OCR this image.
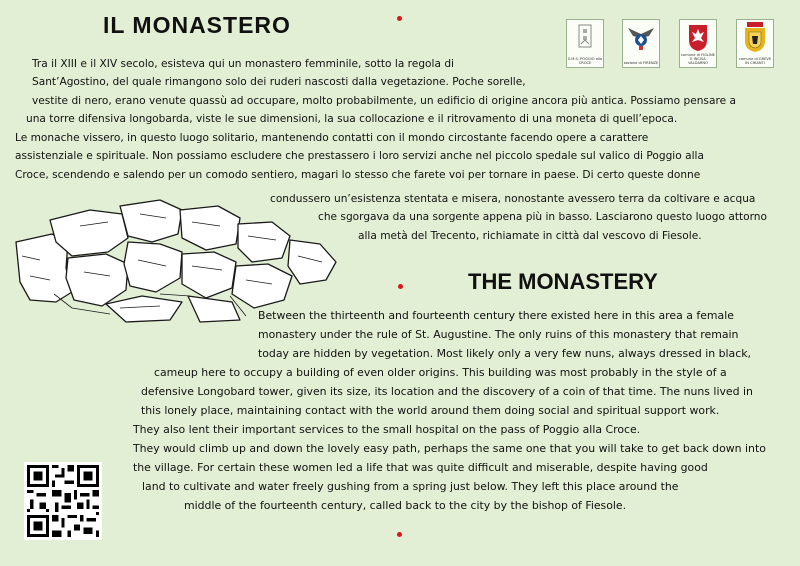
IL MONASTERO
S.M.S. POGGIO alla CROCE	sezione di FIRENZE
comune di FIGLINE E INCISA VALDARNO
comune di GREVE IN CHIANTI

Tra il XIII e il XIV secolo, esisteva qui un monastero femminile, sotto la regola di

Sant’Agostino, del quale rimangono solo dei ruderi nascosti dalla vegetazione. Poche sorelle,

vestite di nero, erano venute quassù ad occupare, molto probabilmente, un edificio di origine ancora più antica. Possiamo pensare a

una torre difensiva longobarda, viste le sue dimensioni, la sua collocazione e il ritrovamento di una moneta di quell’epoca.

Le monache vissero, in questo luogo solitario, mantenendo contatti con il mondo circostante facendo opere a carattere

assistenziale e spirituale. Non possiamo escludere che prestassero i loro servizi anche nel piccolo spedale sul valico di Poggio alla

Croce, scendendo e salendo per un comodo sentiero, magari lo stesso che farete voi per tornare in paese. Di certo queste donne

condussero un’esistenza stentata e misera, nonostante avessero terra da coltivare e acqua

che sgorgava da una sorgente appena più in basso. Lasciarono questo luogo attorno

alla metà del Trecento, richiamate in città dal vescovo di Fiesole.

THE MONASTERY

Between the thirteenth and fourteenth century there existed here in this area a female

monastery under the rule of St. Augustine. The only ruins of this monastery that remain

today are hidden by vegetation. Most likely only a very few nuns, always dressed in black,

cameup here to occupy a building of even older origins. This building was most probably in the style of a

defensive Longobard tower, given its size, its location and the discovery of a coin of that time. The nuns lived in

this lonely place, maintaining contact with the world around them doing social and spiritual support work.

They also lent their important services to the small hospital on the pass of Poggio alla Croce.

They would climb up and down the lovely easy path, perhaps the same one that you will take to get back down into

the village. For certain these women led a life that was quite difficult and miserable, despite having good

land to cultivate and water freely gushing from a spring just below. They left this place around the

middle of the fourteenth century, called back to the city by the bishop of Fiesole.
